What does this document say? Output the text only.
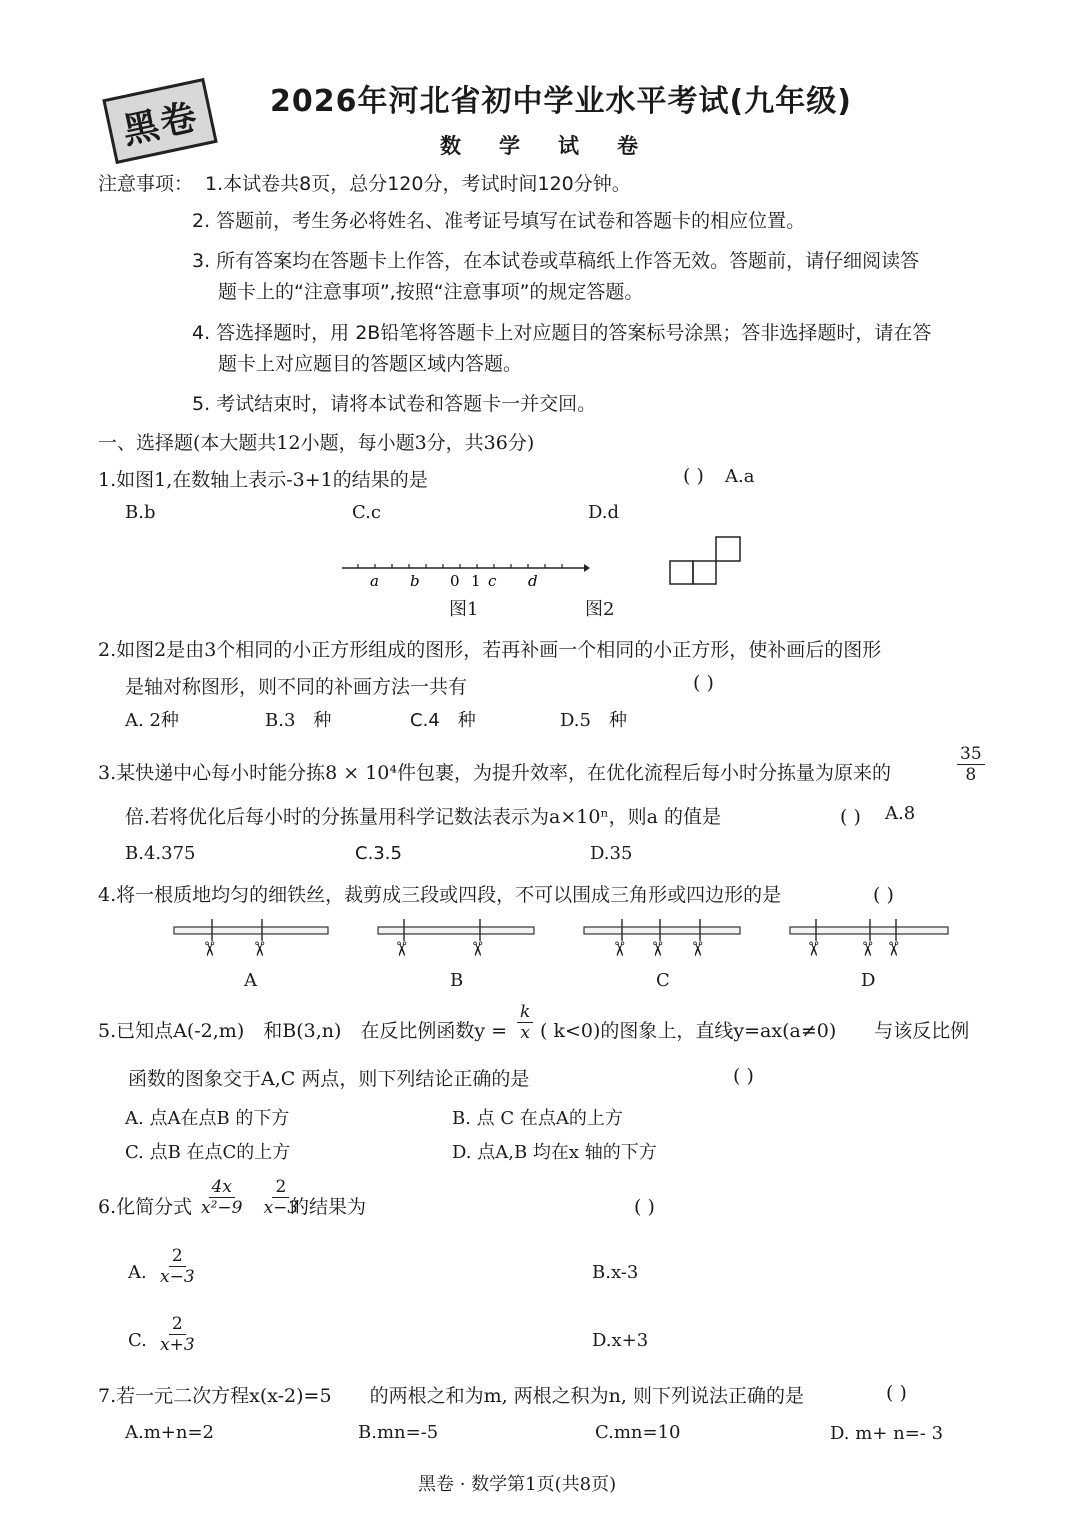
黑卷 2026年河北省初中学业水平考试(九年级)
数学试卷
注意事项： 1.本试卷共8页，总分120分，考试时间120分钟。
2. 答题前，考生务必将姓名、准考证号填写在试卷和答题卡的相应位置。
3. 所有答案均在答题卡上作答，在本试卷或草稿纸上作答无效。答题前，请仔细阅读答
题卡上的“注意事项”,按照“注意事项”的规定答题。
4. 答选择题时，用 2B铅笔将答题卡上对应题目的答案标号涂黑；答非选择题时，请在答
题卡上对应题目的答题区域内答题。
5. 考试结束时，请将本试卷和答题卡一并交回。
一、选择题(本大题共12小题，每小题3分，共36分)
1.如图1,在数轴上表示-3+1的结果的是	( ) A.a
B.b	C.c	D.d
a b 0 1 c d
图1	图2
2.如图2是由3个相同的小正方形组成的图形，若再补画一个相同的小正方形，使补画后的图形
是轴对称图形，则不同的补画方法一共有	( )
A. 2种	B.3　种	C.4　种	D.5　种
3.某快递中心每小时能分拣8 × 10⁴件包裹，为提升效率，在优化流程后每小时分拣量为原来的	$\frac{35}{8}$
倍.若将优化后每小时的分拣量用科学记数法表示为a×10ⁿ，则a 的值是	( ) A.8
B.4.375	C.3.5	D.35
4.将一根质地均匀的细铁丝，裁剪成三段或四段，不可以围成三角形或四边形的是	( )
✂ ✂	✂	✂	✂ ✂ ✂	✂ ✂ ✂
A	B	C	D
5.已知点A(-2,m)　和B(3,n)　在反比例函数$y = \frac{k}{x}$ ( k<0)的图象上，直线y=ax(a≠0)　　与该反比例
函数的图象交于A,C 两点，则下列结论正确的是	( )
A. 点A在点B 的下方	B. 点 C 在点A的上方
C. 点B 在点C的上方	D. 点A,B 均在x 轴的下方
6.化简分式 $\frac{4x}{\text{x²−9}}$
$\frac{2}{x-3}$
的结果为	( )
A. $\frac{2}{x-3}$	B.x-3
C. $\frac{2}{x+3}$	D.x+3
7.若一元二次方程x(x-2)=5　　的两根之和为m, 两根之积为n, 则下列说法正确的是	( )
A.m+n=2	B.mn=-5	C.mn=10	D. m+ n=- 3
黑卷 · 数学第1页(共8页)
